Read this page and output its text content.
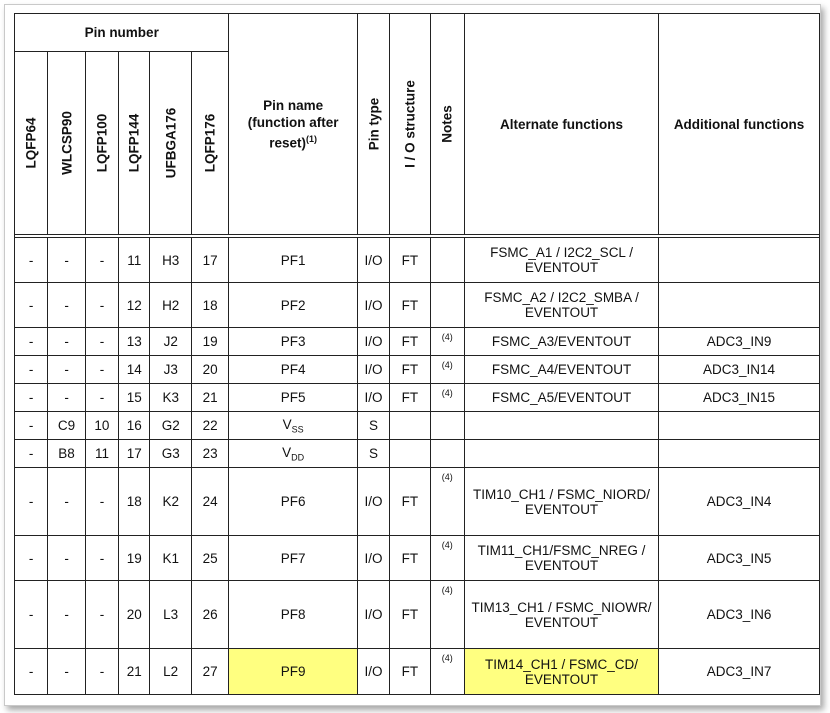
Pin number						Pin name
(function after
reset)$^{(1)}$	Pin type	I / O structure	Notes	Alternate functions	Additional functions

LQFP64	WLCSP90	LQFP100	LQFP144	UFBGA176	LQFP176						

-	-	-	11	H3	17	PF1	I/O	FT		FSMC_A1 / I2C2_SCL / EVENTOUT	
-	-	-	12	H2	18	PF2	I/O	FT		FSMC_A2 / I2C2_SMBA / EVENTOUT	
-	-	-	13	J2	19	PF3	I/O	FT	(4)	FSMC_A3/EVENTOUT	ADC3_IN9
-	-	-	14	J3	20	PF4	I/O	FT	(4)	FSMC_A4/EVENTOUT	ADC3_IN14
-	-	-	15	K3	21	PF5	I/O	FT	(4)	FSMC_A5/EVENTOUT	ADC3_IN15
-	C9	10	16	G2	22	$V_{SS}$	S				
-	B8	11	17	G3	23	$V_{DD}$	S				
-	-	-	18	K2	24	PF6	I/O	FT	(4)	TIM10_CH1 / FSMC_NIORD/ EVENTOUT	ADC3_IN4
-	-	-	19	K1	25	PF7	I/O	FT	(4)	TIM11_CH1/FSMC_NREG / EVENTOUT	ADC3_IN5
-	-	-	20	L3	26	PF8	I/O	FT	(4)	TIM13_CH1 / FSMC_NIOWR/ EVENTOUT	ADC3_IN6
-	-	-	21	L2	27	PF9	I/O	FT	(4)	TIM14_CH1 / FSMC_CD/ EVENTOUT	ADC3_IN7
